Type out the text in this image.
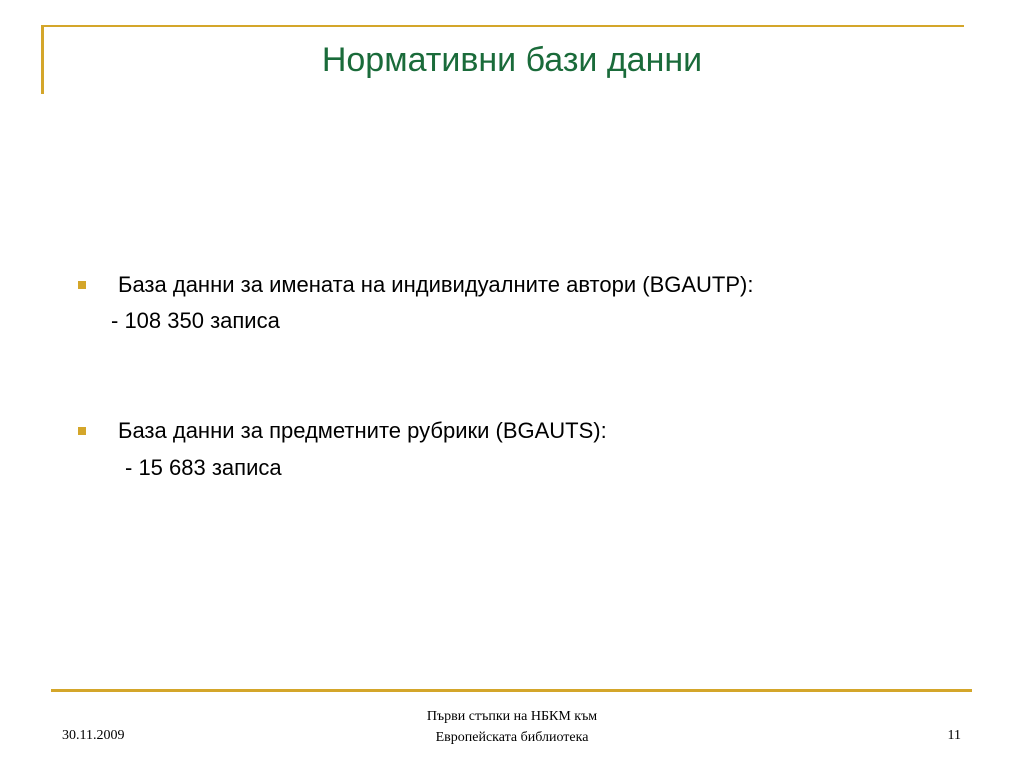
Нормативни бази данни
База данни за имената на индивидуалните автори (BGAUTP):
- 108 350 записа
База данни за предметните рубрики (BGAUTS):
- 15 683 записа
30.11.2009
Първи стъпки на НБКМ към
Европейската библиотека	11
